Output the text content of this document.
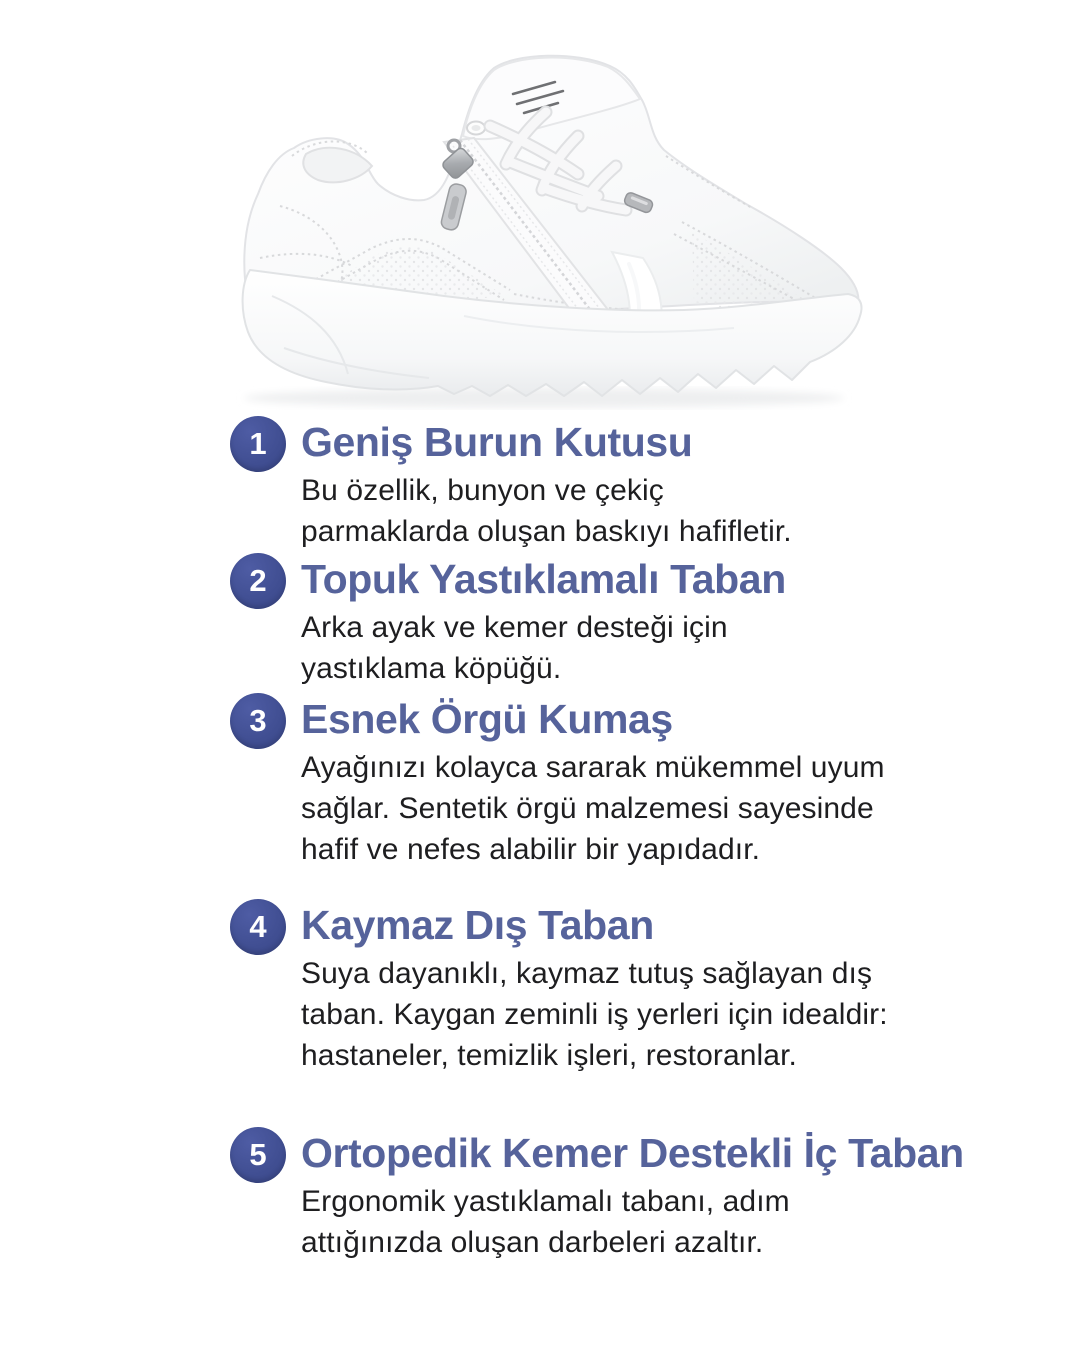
1 Geniş Burun Kutusu
Bu özellik, bunyon ve çekiç
parmaklarda oluşan baskıyı hafifletir.
2 Topuk Yastıklamalı Taban
Arka ayak ve kemer desteği için
yastıklama köpüğü.
3 Esnek Örgü Kumaş
Ayağınızı kolayca sararak mükemmel uyum
sağlar. Sentetik örgü malzemesi sayesinde
hafif ve nefes alabilir bir yapıdadır.
4 Kaymaz Dış Taban
Suya dayanıklı, kaymaz tutuş sağlayan dış
taban. Kaygan zeminli iş yerleri için idealdir:
hastaneler, temizlik işleri, restoranlar.
5 Ortopedik Kemer Destekli İç Taban
Ergonomik yastıklamalı tabanı, adım
attığınızda oluşan darbeleri azaltır.
